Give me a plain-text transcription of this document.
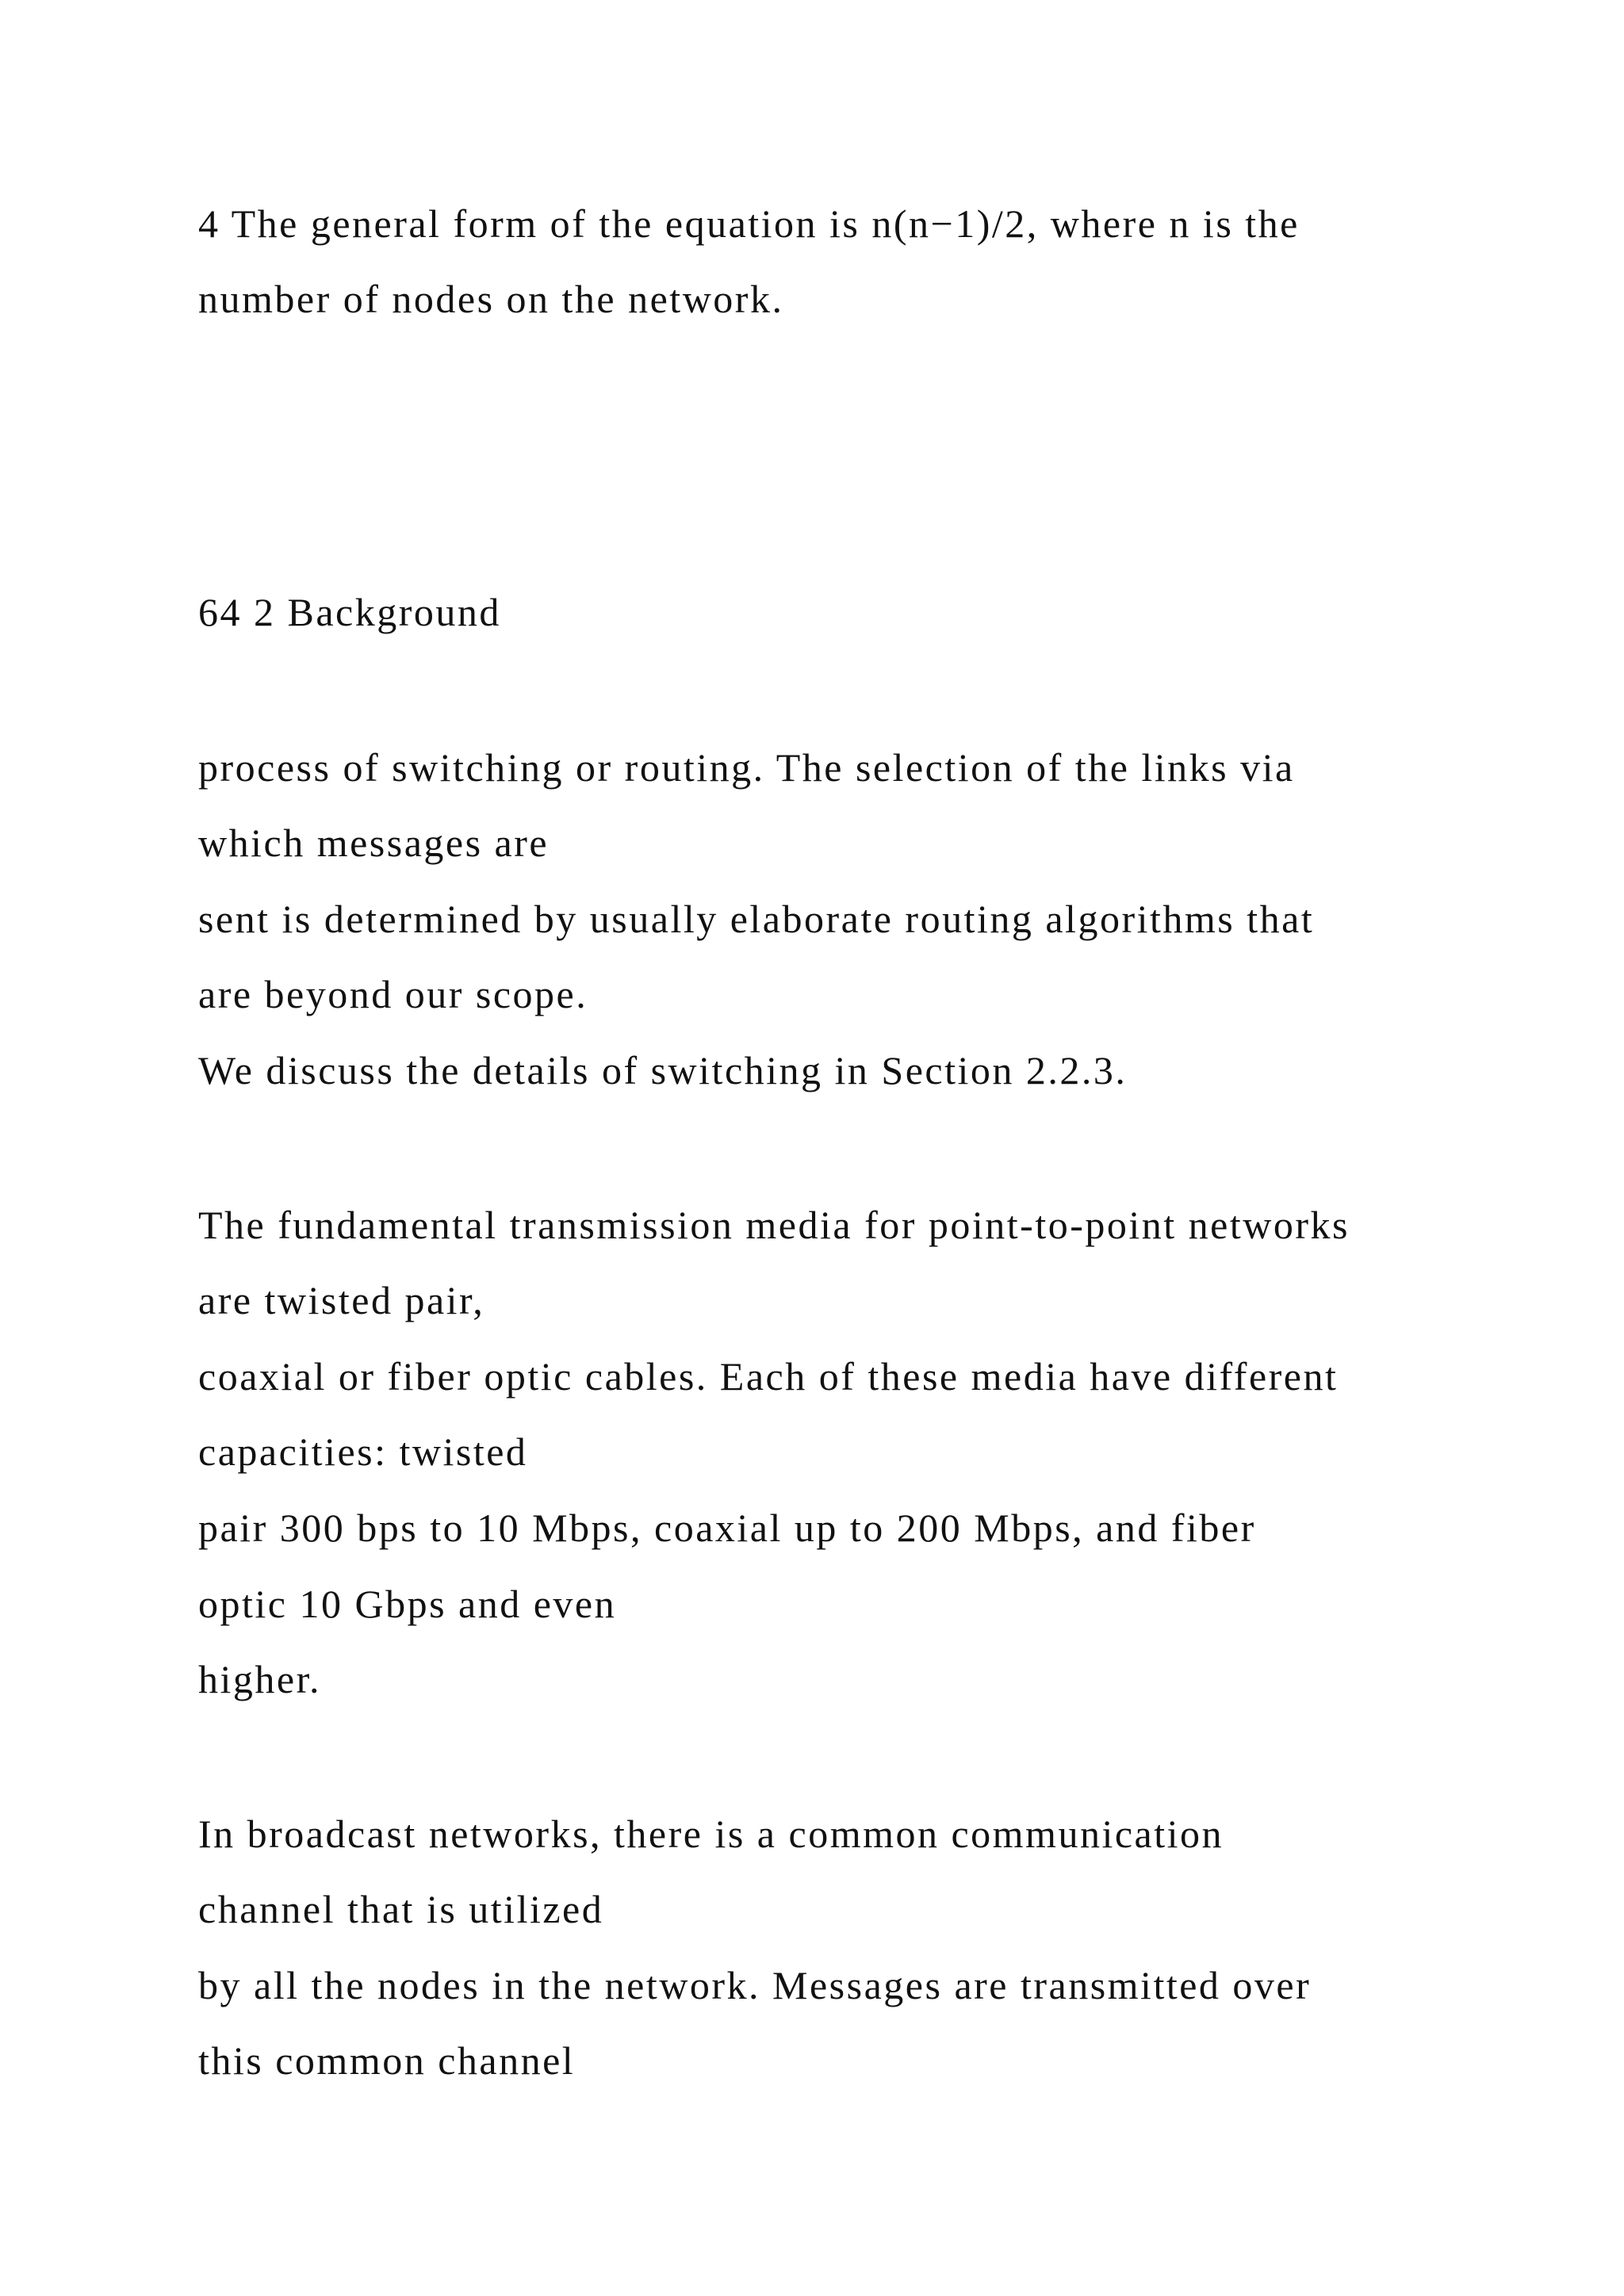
4 The general form of the equation is n(n−1)/2, where n is the

number of nodes on the network.

64 2 Background

process of switching or routing. The selection of the links via

which messages are

sent is determined by usually elaborate routing algorithms that

are beyond our scope.

We discuss the details of switching in Section 2.2.3.

The fundamental transmission media for point-to-point networks

are twisted pair,

coaxial or fiber optic cables. Each of these media have different

capacities: twisted

pair 300 bps to 10 Mbps, coaxial up to 200 Mbps, and fiber

optic 10 Gbps and even

higher.

In broadcast networks, there is a common communication

channel that is utilized

by all the nodes in the network. Messages are transmitted over

this common channel
